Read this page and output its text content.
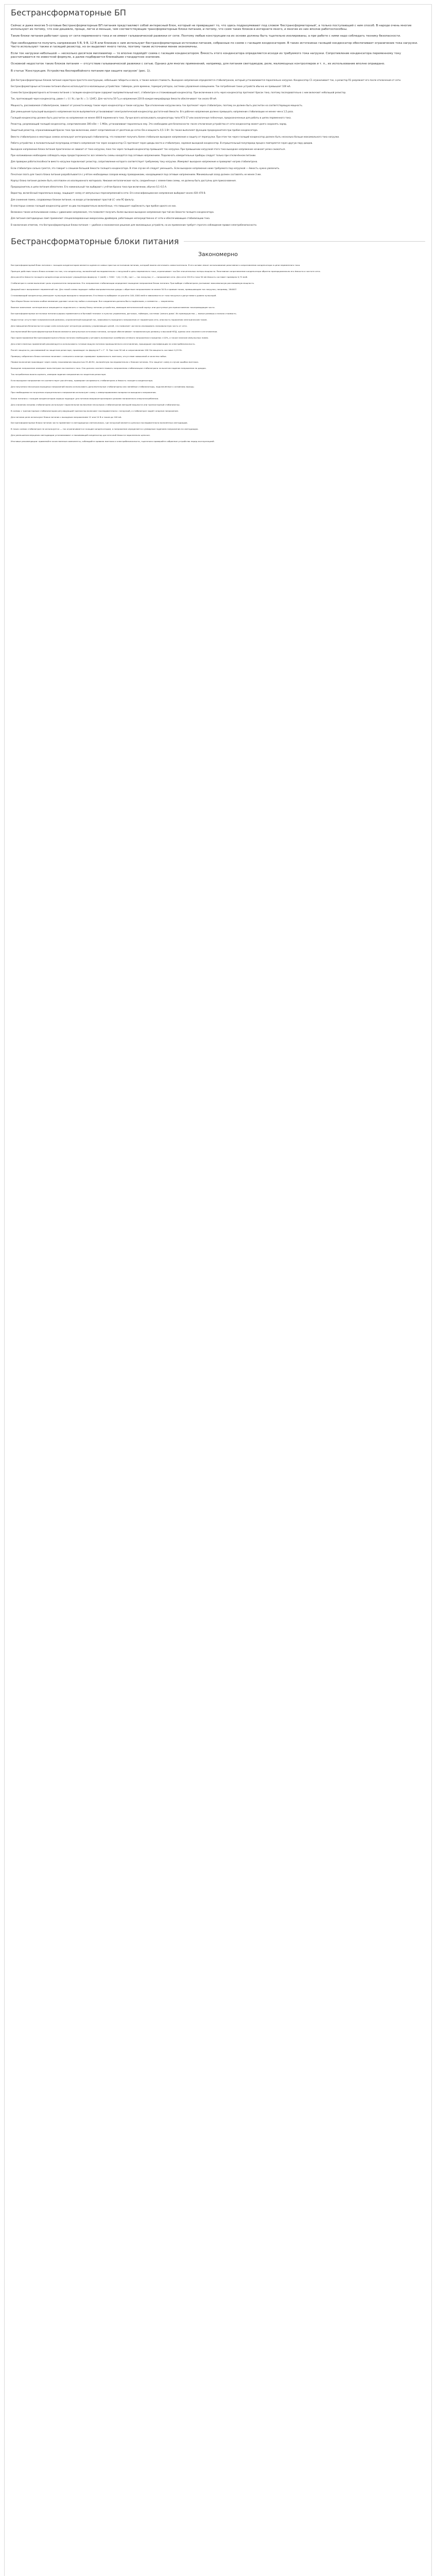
Бестрансформаторные БП

Сейчас и даже многие 5-сотовые бестрансформаторные БП питания представляют собой интересный блок, который не превращает то, что здесь подразумевают под словом 'бестрансформаторный', а только поступающий с ним способ. В народе очень многие используют их потому, что они дешевле, проще, легче и меньше, чем соответствующие трансформаторные блоки питания, и потому, что схем таких блоков в интернете много, и многие из них вполне работоспособны.

Такие блоки питания работают сразу от сети переменного тока и не имеют гальванической развязки от сети. Поэтому любые конструкции на их основе должны быть тщательно изолированы, а при работе с ними надо соблюдать технику безопасности.

При необходимости получить напряжения 5 В, 9 В, 12 В или близкие к ним используют бестрансформаторные источники питания, собранные по схеме с гасящим конденсатором. В таких источниках гасящий конденсатор обеспечивает ограничение тока нагрузки. Часто используют также и гасящий резистор, но он выделяет много тепла, поэтому такие источники менее экономичны.

Если ток нагрузки небольшой — несколько десятков миллиампер — то вполне подойдёт схема с гасящим конденсатором. Ёмкость этого конденсатора определяется исходя из требуемого тока нагрузки. Сопротивление конденсатора переменному току рассчитывается по известной формуле, а далее подбирается ближайшее стандартное значение.

Основной недостаток таких блоков питания — отсутствие гальванической развязки с сетью. Однако для многих применений, например, для питания светодиодов, реле, маломощных контроллеров и т. п., их использование вполне оправдано.

В статье 'Конструкция. Устройства бесперебойного питания при защите нагрузок' (рис. 1).

Для бестрансформаторных блоков питания характерна простота конструкции, небольшие габариты и масса, а также низкая стоимость. Выходное напряжение определяется стабилитроном, который устанавливается параллельно нагрузке. Конденсатор C1 ограничивает ток, а резистор R1 разряжает его после отключения от сети.

Бестрансформаторные источники питания обычно используются в маломощных устройствах: таймерах, реле времени, терморегуляторах, системах управления освещением. Ток потребления таких устройств обычно не превышает 100 мА.

Схема бестрансформаторного источника питания с гасящим конденсатором содержит выпрямительный мост, стабилитрон и сглаживающий конденсатор. При включении в сеть через конденсатор протекает бросок тока, поэтому последовательно с ним включают небольшой резистор.

Ток, протекающий через конденсатор, равен I = U / Xc, где Xc = 1 / (2πfC). Для частоты 50 Гц и напряжения 220 В каждая микрофарада ёмкости обеспечивает ток около 69 мА.

Мощность, рассеиваемая стабилитроном, зависит от разности между током через конденсатор и током нагрузки. При отключении нагрузки весь ток протекает через стабилитрон, поэтому он должен быть рассчитан на соответствующую мощность.

Для уменьшения пульсаций выходного напряжения после выпрямителя устанавливают электролитический конденсатор достаточной ёмкости. Его рабочее напряжение должно превышать напряжение стабилизации не менее чем в 1,5 раза.

Гасящий конденсатор должен быть рассчитан на напряжение не менее 400 В переменного тока. Лучше всего использовать конденсаторы типа К73-17 или аналогичные плёночные, предназначенные для работы в цепях переменного тока.

Резистор, разряжающий гасящий конденсатор, сопротивлением 300 кОм — 1 МОм, устанавливают параллельно ему. Это необходимо для безопасности: после отключения устройства от сети конденсатор может долго сохранять заряд.

Защитный резистор, ограничивающий бросок тока при включении, имеет сопротивление от десятков до сотен Ом и мощность 0,5–1 Вт. Он также выполняет функцию предохранителя при пробое конденсатора.

Вместо стабилитрона в некоторых схемах используют интегральный стабилизатор, что позволяет получить более стабильное выходное напряжение и защиту от перегрузки. При этом ток через гасящий конденсатор должен быть несколько больше максимального тока нагрузки.

Работа устройства: в положительный полупериод сетевого напряжения ток через конденсатор C1 протекает через диоды моста и стабилитрон, заряжая выходной конденсатор. В отрицательный полупериод процесс повторяется через другую пару диодов.

Выходное напряжение блока питания практически не зависит от тока нагрузки, пока ток через гасящий конденсатор превышает ток нагрузки. При превышении нагрузкой этого тока выходное напряжение начинает резко снижаться.

При налаживании необходимо соблюдать меры предосторожности: все элементы схемы находятся под сетевым напряжением. Подключать измерительные приборы следует только при отключённом питании.

Для проверки работоспособности вместо нагрузки подключают резистор, сопротивление которого соответствует требуемому току нагрузки. Измеряют выходное напряжение и проверяют нагрев стабилитрона.

Если стабилитрон сильно греется, это говорит о слишком большой ёмкости гасящего конденсатора. В этом случае её следует уменьшить. Если выходное напряжение ниже требуемого под нагрузкой — ёмкость нужно увеличить.

Печатная плата для такого блока питания разрабатывается с учётом необходимых зазоров между проводниками, находящимися под сетевым напряжением. Минимальный зазор должен составлять не менее 3 мм.

Корпус блока питания должен быть изготовлен из изоляционного материала. Никакие металлические части, соединённые с элементами схемы, не должны быть доступны для прикосновения.

Предохранитель в цепи питания обязателен. Его номинальный ток выбирают с учётом броска тока при включении, обычно 0,1–0,5 А.

Варистор, включённый параллельно входу, защищает схему от импульсных перенапряжений в сети. Его классификационное напряжение выбирают около 430–470 В.

Для снижения помех, создаваемых блоком питания, на входе устанавливают простой LC- или RC-фильтр.

В некоторых схемах гасящий конденсатор делят на два последовательно включённых, что повышает надёжность при пробое одного из них.

Возможно также использование схемы с удвоением напряжения, что позволяет получить более высокое выходное напряжение при той же ёмкости гасящего конденсатора.

Для питания светодиодных ламп применяют специализированные микросхемы драйверов, работающие непосредственно от сети и обеспечивающие стабилизацию тока.

В заключение отметим, что бестрансформаторные блоки питания — удобное и экономичное решение для маломощных устройств, но их применение требует строгого соблюдения правил электробезопасности.

Бестрансформаторные блоки питания
Закономерно

Бестрансформаторный блок питания с гасящим конденсатором является одним из самых простых источников питания, который можно изготовить самостоятельно. В его основе лежит использование реактивного сопротивления конденсатора в цепи переменного тока.

Принцип действия такого блока основан на том, что конденсатор, включённый последовательно с нагрузкой в цепь переменного тока, ограничивает ток без значительных потерь мощности. Реактивное сопротивление конденсатора обратно пропорционально его ёмкости и частоте сети.

Для расчёта ёмкости гасящего конденсатора используют упрощённую формулу: C (мкФ) = 3200 · I (А) / U (В), где I — ток нагрузки, U — напряжение сети. Для сети 220 В и тока 50 мА ёмкость составит примерно 0,72 мкФ.

Стабилитрон в схеме выполняет роль ограничителя напряжения. Его напряжение стабилизации определяет выходное напряжение блока питания. При выборе стабилитрона учитывают максимальную рассеиваемую мощность.

Диодный мост выпрямляет переменный ток. Для такой схемы подходят любые выпрямительные диоды с обратным напряжением не менее 50 В и прямым током, превышающим ток нагрузки, например, 1N4007.

Сглаживающий конденсатор уменьшает пульсации выходного напряжения. Его ёмкость выбирают из расчёта 100–1000 мкФ в зависимости от тока нагрузки и допустимого уровня пульсаций.

При сборке блока питания особое внимание уделяют качеству пайки и изоляции. Все соединения должны быть надёжными, а элементы — закреплены.

Важное замечание: категорически запрещается подключать к такому блоку питания устройства, имеющие металлический корпус или доступные для прикосновения токопроводящие части.

Бестрансформаторные источники питания широко применяются в бытовой технике: в пультах управления, датчиках, таймерах, системах 'умного дома'. Их преимущества — малые размеры и низкая стоимость.

Недостатки: отсутствие гальванической развязки, ограниченный выходной ток, зависимость выходного напряжения от параметров сети, опасность поражения электрическим током.

Для повышения безопасности в ряде схем используют оптронную развязку управляющих цепей, что позволяет частично изолировать низковольтную часть от сети.

Альтернативой бестрансформаторным блокам являются импульсные источники питания, которые обеспечивают гальваническую развязку и высокий КПД, однако они сложнее в изготовлении.

При проектировании бестрансформаторного блока питания необходимо учитывать возможные колебания сетевого напряжения в пределах ±10%, а также наличие импульсных помех.

Для ответственных применений рекомендуется использовать готовые модули питания промышленного изготовления, прошедшие сертификацию на электробезопасность.

Расчёт мощности, рассеиваемой на защитном резисторе, производят по формуле P = I² · R. При токе 50 мА и сопротивлении 100 Ом мощность составит 0,25 Вт.

Проверку собранного блока питания начинают с внешнего осмотра: проверяют правильность монтажа, отсутствие замыканий и качество пайки.

Первое включение производят через лампу накаливания мощностью 25–60 Вт, включённую последовательно с блоком питания. Это защитит схему в случае ошибок монтажа.

Выходное напряжение измеряют вольтметром постоянного тока. Оно должно соответствовать напряжению стабилизации стабилитрона за вычетом падения напряжения на диодах.

Ток потребления можно оценить, измерив падение напряжения на защитном резисторе.

Если выходное напряжение не соответствует расчётному, проверяют исправность стабилитрона и ёмкость гасящего конденсатора.

Для получения нескольких выходных напряжений можно использовать дополнительные стабилитроны или линейные стабилизаторы, подключённые к основному выходу.

При необходимости получения отрицательного напряжения используют схему с инвертированием полярности выходного напряжения.

Блоки питания с гасящим конденсатором хорошо подходят для питания микроконтроллеров в режиме пониженного энергопотребления.

Для снижения нагрева стабилитрона используют параллельное включение нескольких стабилитронов меньшей мощности или транзисторный стабилизатор.

В схемах с транзисторным стабилизатором регулирующий транзистор включают последовательно с нагрузкой, а стабилитрон задаёт опорное напряжение.

Для питания реле используют блоки питания с выходным напряжением 12 или 24 В и током до 100 мА.

Бестрансформаторные блоки питания часто применяют в светодиодных светильниках, где нагрузкой является цепочка последовательно включённых светодиодов.

В таких схемах стабилитрон не используется — ток ограничивается гасящим конденсатором, а напряжение определяется суммарным падением напряжения на светодиодах.

Для уменьшения мерцания светодиодов устанавливают сглаживающий конденсатор достаточной ёмкости параллельно цепочке.

Итоговые рекомендации: применяйте качественные компоненты, соблюдайте правила монтажа и электробезопасности, тщательно проверяйте собранное устройство перед эксплуатацией.
